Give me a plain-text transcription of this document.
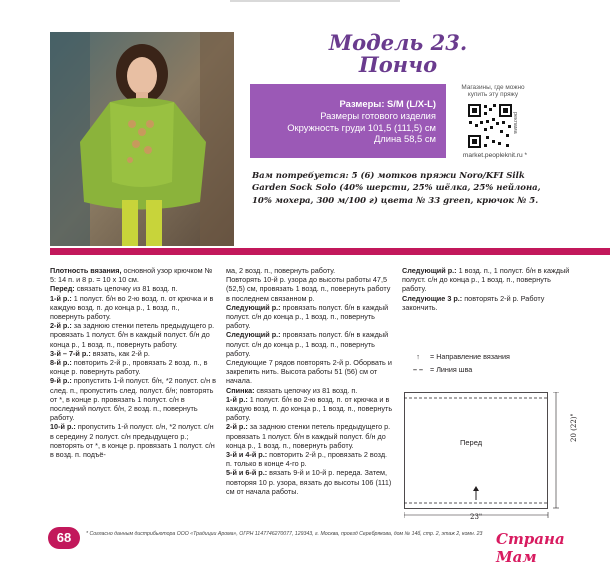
Модель 23.
Пончо
Размеры: S/M (L/X-L)
Размеры готового изделия
Окружность груди 101,5 (111,5) см
Длина 58,5 см
Магазины, где можно купить эту пряжу
реклама
market.peopleknit.ru *
Вам потребуется: 5 (6) мотков пряжи Noro/KFI Silk Garden Sock Solo (40% шерсти, 25% шёлка, 25% нейлона, 10% мохера, 300 м/100 г) цвета № 33 green, крючок № 5.

Плотность вязания, основной узор крючком № 5: 14 п. и 8 р. = 10 х 10 см.

Перед: связать цепочку из 81 возд. п.

1-й р.: 1 полуст. б/н во 2-ю возд. п. от крючка и в каждую возд. п. до конца р., 1 возд. п., повернуть работу.

2-й р.: за заднюю стенки петель предыдущего р. провязать 1 полуст. б/н в каждый полуст. б/н до конца р., 1 возд. п., повернуть работу.

3-й – 7-й р.: вязать, как 2-й р.

8-й р.: повторить 2-й р., провязать 2 возд. п., в конце р. повернуть работу.

9-й р.: пропустить 1-й полуст. б/н, *2 полуст. с/н в след. п., пропустить след. полуст. б/н; повторять от *, в конце р. провязать 1 полуст. с/н в последний полуст. б/н, 2 возд. п., повернуть работу.

10-й р.: пропустить 1-й полуст. с/н, *2 полуст. с/н в середину 2 полуст. с/н предыдущего р.; повторять от *, в конце р. провязать 1 полуст. с/н в возд. п. подъё-

ма, 2 возд. п., повернуть работу.

Повторять 10-й р. узора до высоты работы 47,5 (52,5) см, провязать 1 возд. п., повернуть работу в последнем связанном р.

Следующий р.: провязать полуст. б/н в каждый полуст. с/н до конца р., 1 возд. п., повернуть работу.

Следующий р.: провязать полуст. б/н в каждый полуст. с/н до конца р., 1 возд. п., повернуть работу.

Следующие 7 рядов повторять 2-й р. Оборвать и закрепить нить. Высота работы 51 (56) см от начала.

Спинка: связать цепочку из 81 возд. п.

1-й р.: 1 полуст. б/н во 2-ю возд. п. от крючка и в каждую возд. п. до конца р., 1 возд. п., повернуть работу.

2-й р.: за заднюю стенки петель предыдущего р. провязать 1 полуст. б/н в каждый полуст. б/н до конца р., 1 возд. п., повернуть работу.

3-й и 4-й р.: повторить 2-й р., провязать 2 возд. п. только в конце 4-го р.

5-й и 6-й р.: вязать 9-й и 10-й р. переда. Затем, повторяя 10 р. узора, вязать до высоты 106 (111) см от начала работы.

Следующий р.: 1 возд. п., 1 полуст. б/н в каждый полуст. с/н до конца р., 1 возд. п., повернуть работу.

Следующие 3 р.: повторять 2-й р. Работу закончить.

↑ = Направление вязания
– – = Линия шва
Перед
20 (22)"
23"
68	* Согласно данным дистрибьютора ООО «Традиции Арома», ОГРН 1147746270077, 129343, г. Москва, проезд Серебрякова, дом № 14б, стр. 2, этаж 2, комн. 23 Страна Мам
